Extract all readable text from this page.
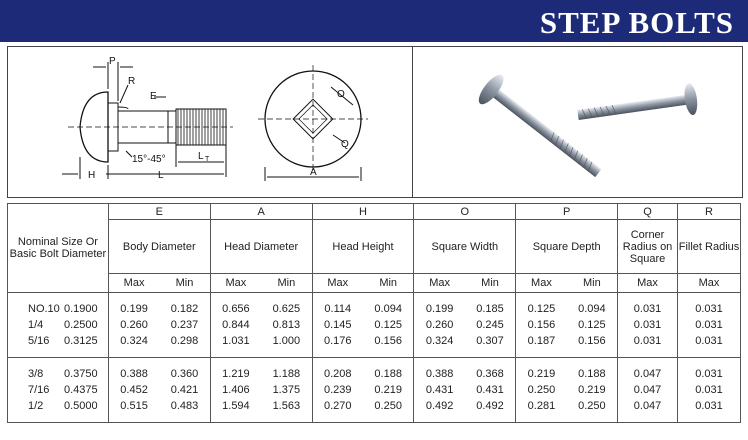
STEP BOLTS
P
R
E
15°-45°	L T
H	L
O
Q
A
Nominal Size Or Basic Bolt Diameter	E		A		H		O		P		Q	R
	Body Diameter		Head Diameter		Head Height		Square Width		Square Depth		Corner Radius on Square	Fillet Radius
	Max	Min	Max	Min	Max	Min	Max	Min	Max	Min	Max	Max

NO.10 0.1900	0.199	0.182	0.656	0.625	0.114	0.094	0.199	0.185	0.125	0.094	0.031	0.031
1/4 0.2500	0.260	0.237	0.844	0.813	0.145	0.125	0.260	0.245	0.156	0.125	0.031	0.031
5/16 0.3125	0.324	0.298	1.031	1.000	0.176	0.156	0.324	0.307	0.187	0.156	0.031	0.031

3/8 0.3750	0.388	0.360	1.219	1.188	0.208	0.188	0.388	0.368	0.219	0.188	0.047	0.031
7/16 0.4375	0.452	0.421	1.406	1.375	0.239	0.219	0.431	0.431	0.250	0.219	0.047	0.031
1/2 0.5000	0.515	0.483	1.594	1.563	0.270	0.250	0.492	0.492	0.281	0.250	0.047	0.031
